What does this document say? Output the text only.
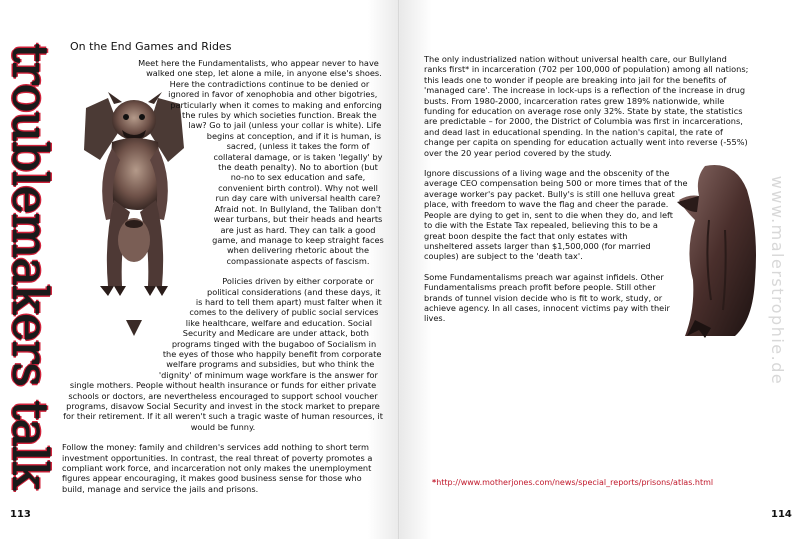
troublemakers talk On the End Games and Rides

Meet here the Fundamentalists, who appear never to have walked one step, let alone a mile, in anyone else's shoes. Here the contradictions continue to be denied or ignored in favor of xenophobia and other bigotries, particularly when it comes to making and enforcing the rules by which societies function. Break the law? Go to jail (unless your collar is white). Life begins at conception, and if it is human, is sacred, (unless it takes the form of collateral damage, or is taken 'legally' by the death penalty). No to abortion (but no-no to sex education and safe, convenient birth control). Why not well run day care with universal health care? Afraid not. In Bullyland, the Taliban don't wear turbans, but their heads and hearts are just as hard. They can talk a good game, and manage to keep straight faces when delivering rhetoric about the compassionate aspects of fascism.

Policies driven by either corporate or political considerations (and these days, it is hard to tell them apart) must falter when it comes to the delivery of public social services like healthcare, welfare and education. Social Security and Medicare are under attack, both programs tinged with the bugaboo of Socialism in the eyes of those who happily benefit from corporate welfare programs and subsidies, but who think the 'dignity' of minimum wage workfare is the answer for single mothers. People without health insurance or funds for either private schools or doctors, are nevertheless encouraged to support school voucher programs, disavow Social Security and invest in the stock market to prepare for their retirement. If it all weren't such a tragic waste of human resources, it would be funny.

Follow the money: family and children's services add nothing to short term investment opportunities. In contrast, the real threat of poverty promotes a compliant work force, and incarceration not only makes the unemployment figures appear encouraging, it makes good business sense for those who build, manage and service the jails and prisons.

113

The only industrialized nation without universal health care, our Bullyland ranks first* in incarceration (702 per 100,000 of population) among all nations; this leads one to wonder if people are breaking into jail for the benefits of 'managed care'. The increase in lock-ups is a reflection of the increase in drug busts. From 1980-2000, incarceration rates grew 189% nationwide, while funding for education on average rose only 32%. State by state, the statistics are predictable – for 2000, the District of Columbia was first in incarcerations, and dead last in educational spending. In the nation's capital, the rate of change per capita on spending for education actually went into reverse (-55%) over the 20 year period covered by the study.

Ignore discussions of a living wage and the obscenity of the average CEO compensation being 500 or more times that of the average worker's pay packet. Bully's is still one helluva great place, with freedom to wave the flag and cheer the parade. People are dying to get in, sent to die when they do, and left to die with the Estate Tax repealed, believing this to be a great boon despite the fact that only estates with unsheltered assets larger than $1,500,000 (for married couples) are subject to the 'death tax'.

Some Fundamentalisms preach war against infidels. Other Fundamentalisms preach profit before people. Still other brands of tunnel vision decide who is fit to work, study, or achieve agency. In all cases, innocent victims pay with their lives.	www.malerstrophie.de
*http://www.motherjones.com/news/special_reports/prisons/atlas.html
114
